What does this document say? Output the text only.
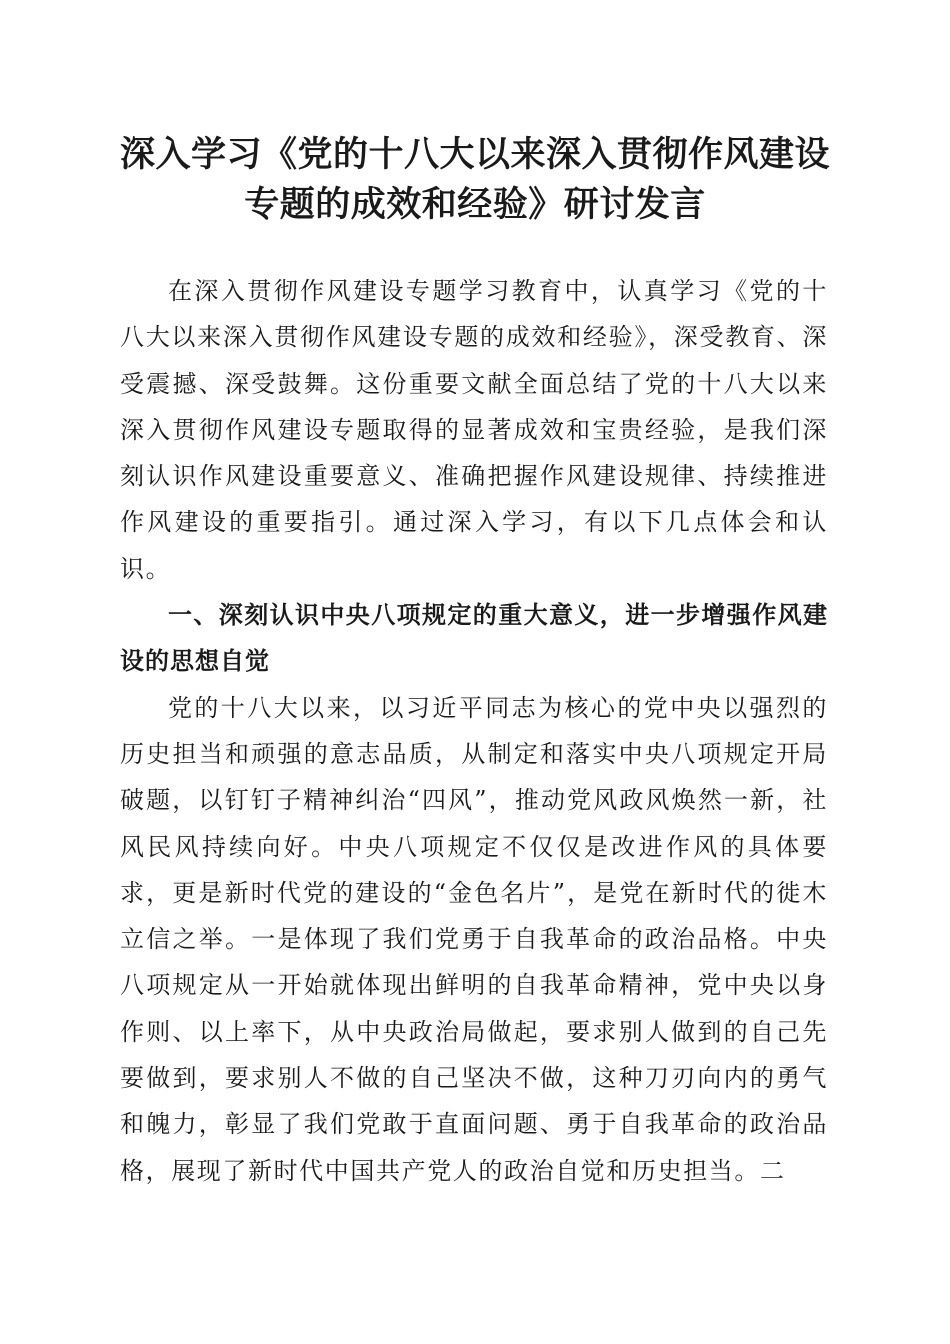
深入学习《党的十八大以来深入贯彻作风建设
专题的成效和经验》研讨发言

在深入贯彻作风建设专题学习教育中，认真学习《党的十八大以来深入贯彻作风建设专题的成效和经验》，深受教育、深受震撼、深受鼓舞。这份重要文献全面总结了党的十八大以来深入贯彻作风建设专题取得的显著成效和宝贵经验，是我们深刻认识作风建设重要意义、准确把握作风建设规律、持续推进作风建设的重要指引。通过深入学习，有以下几点体会和认识。

一、深刻认识中央八项规定的重大意义，进一步增强作风建设的思想自觉

党的十八大以来，以习近平同志为核心的党中央以强烈的历史担当和顽强的意志品质，从制定和落实中央八项规定开局破题，以钉钉子精神纠治“四风”，推动党风政风焕然一新，社风民风持续向好。中央八项规定不仅仅是改进作风的具体要求，更是新时代党的建设的“金色名片”，是党在新时代的徙木立信之举。一是体现了我们党勇于自我革命的政治品格。中央八项规定从一开始就体现出鲜明的自我革命精神，党中央以身作则、以上率下，从中央政治局做起，要求别人做到的自己先要做到，要求别人不做的自己坚决不做，这种刀刃向内的勇气和魄力，彰显了我们党敢于直面问题、勇于自我革命的政治品格，展现了新时代中国共产党人的政治自觉和历史担当。二
